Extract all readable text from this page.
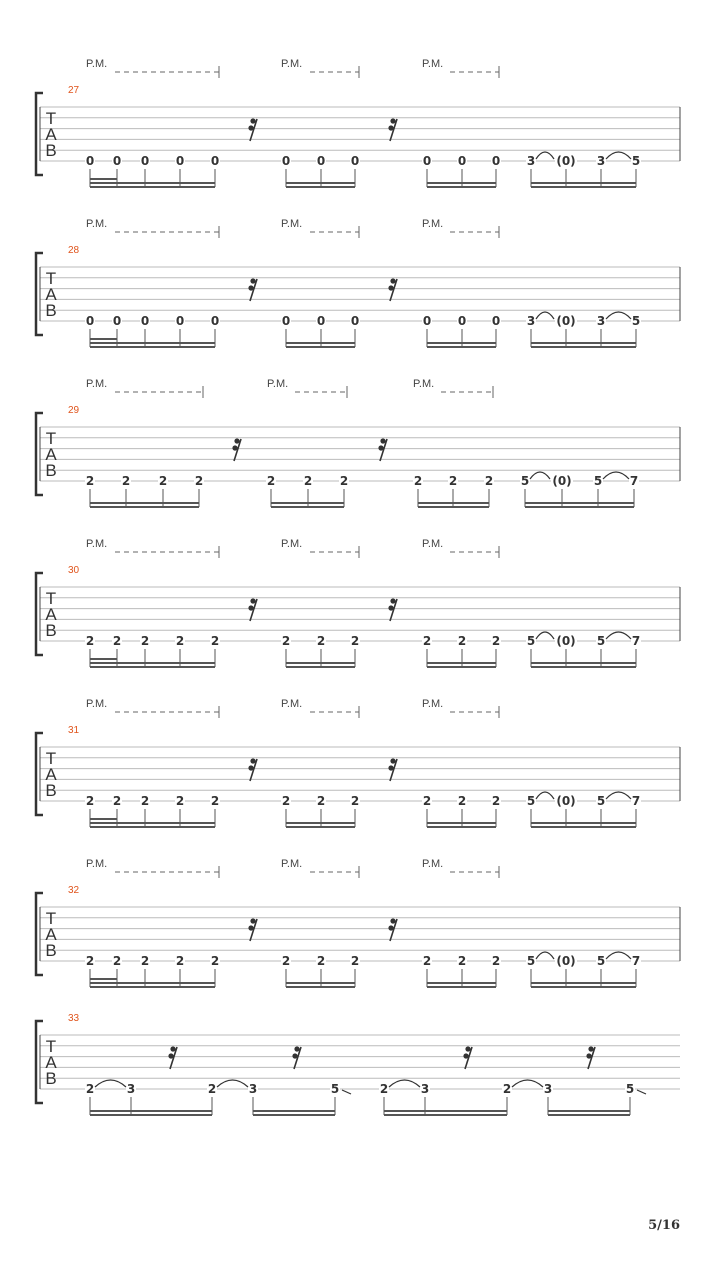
P.M.	P.M.	P.M.
27
T
A
B
0 0 0 0 0	0 0 0	0 0 0 3 (0) 3 5
P.M.	P.M.	P.M.
28
T
A
B
0 0 0 0 0	0 0 0	0 0 0 3 (0) 3 5
P.M.	P.M.	P.M.
29
T
A
B
2 2 2 2	2 2 2	2 2 2 5 (0) 5 7
P.M.	P.M.	P.M.
30
T
A
B
2 2 2 2 2	2 2 2	2 2 2 5 (0) 5 7
P.M.	P.M.	P.M.
31
T
A
B
2 2 2 2 2	2 2 2	2 2 2 5 (0) 5 7
P.M.	P.M.	P.M.
32
T
A
B
2 2 2 2 2	2 2 2	2 2 2 5 (0) 5 7
33
T
A
B
2	3	2	3	5	2	3	2	3	5
5/16
